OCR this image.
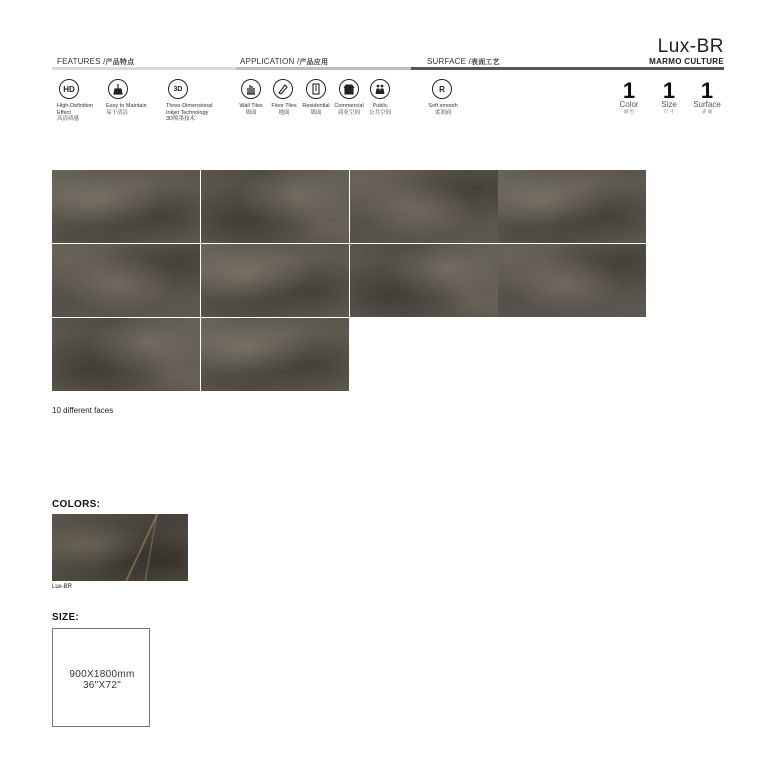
FEATURES /产品特点	APPLICATION /产品应用	SURFACE /表面工艺
Lux-BR
MARMO CULTURE
HD
High-Definition
Effect
高清质感
Easy to Maintain
易于清洁
3D
Three-Dimensional
Inkjet Technology
3D喷墨技术
Wall Tiles
墙面
Floor Tiles
地面
Residential
墙面
Commercial
商业空间
Public
公共空间
R
Soft smooth
柔润面
1
Color
颜 色
1
Size
尺 寸
1
Surface
表 面
10 different faces
COLORS:
Lux-BR
SIZE:
900X1800mm
36"X72"
